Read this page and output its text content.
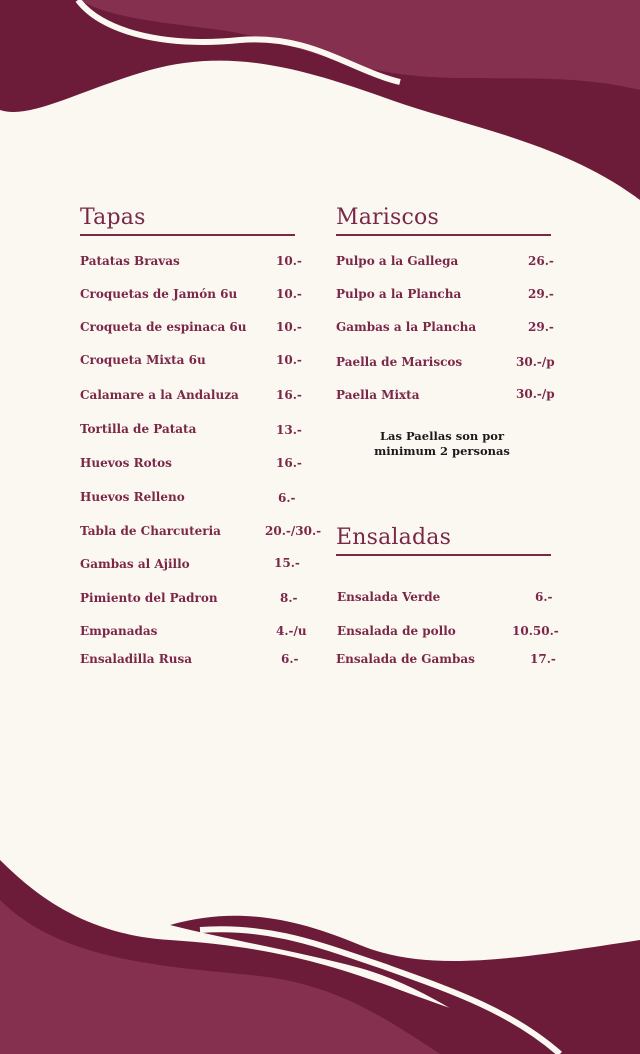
Tapas
Patatas Bravas	10.-
Croquetas de Jamón 6u	10.-
Croqueta de espinaca 6u 10.-
Croqueta Mixta 6u	10.-
Calamare a la Andaluza	16.-
Tortilla de Patata	13.-
Huevos Rotos	16.-
Huevos Relleno	6.-
Tabla de Charcuteria	20.-/30.-
Gambas al Ajillo	15.-
Pimiento del Padron	8.-
Empanadas	4.-/u
Ensaladilla Rusa	6.-
Mariscos
Pulpo a la Gallega	26.-
Pulpo a la Plancha	29.-
Gambas a la Plancha	29.-
Paella de Mariscos	30.-/p
Paella Mixta	30.-/p
Las Paellas son por
minimum 2 personas
Ensaladas
Ensalada Verde	6.-
Ensalada de pollo	10.50.-
Ensalada de Gambas	17.-
